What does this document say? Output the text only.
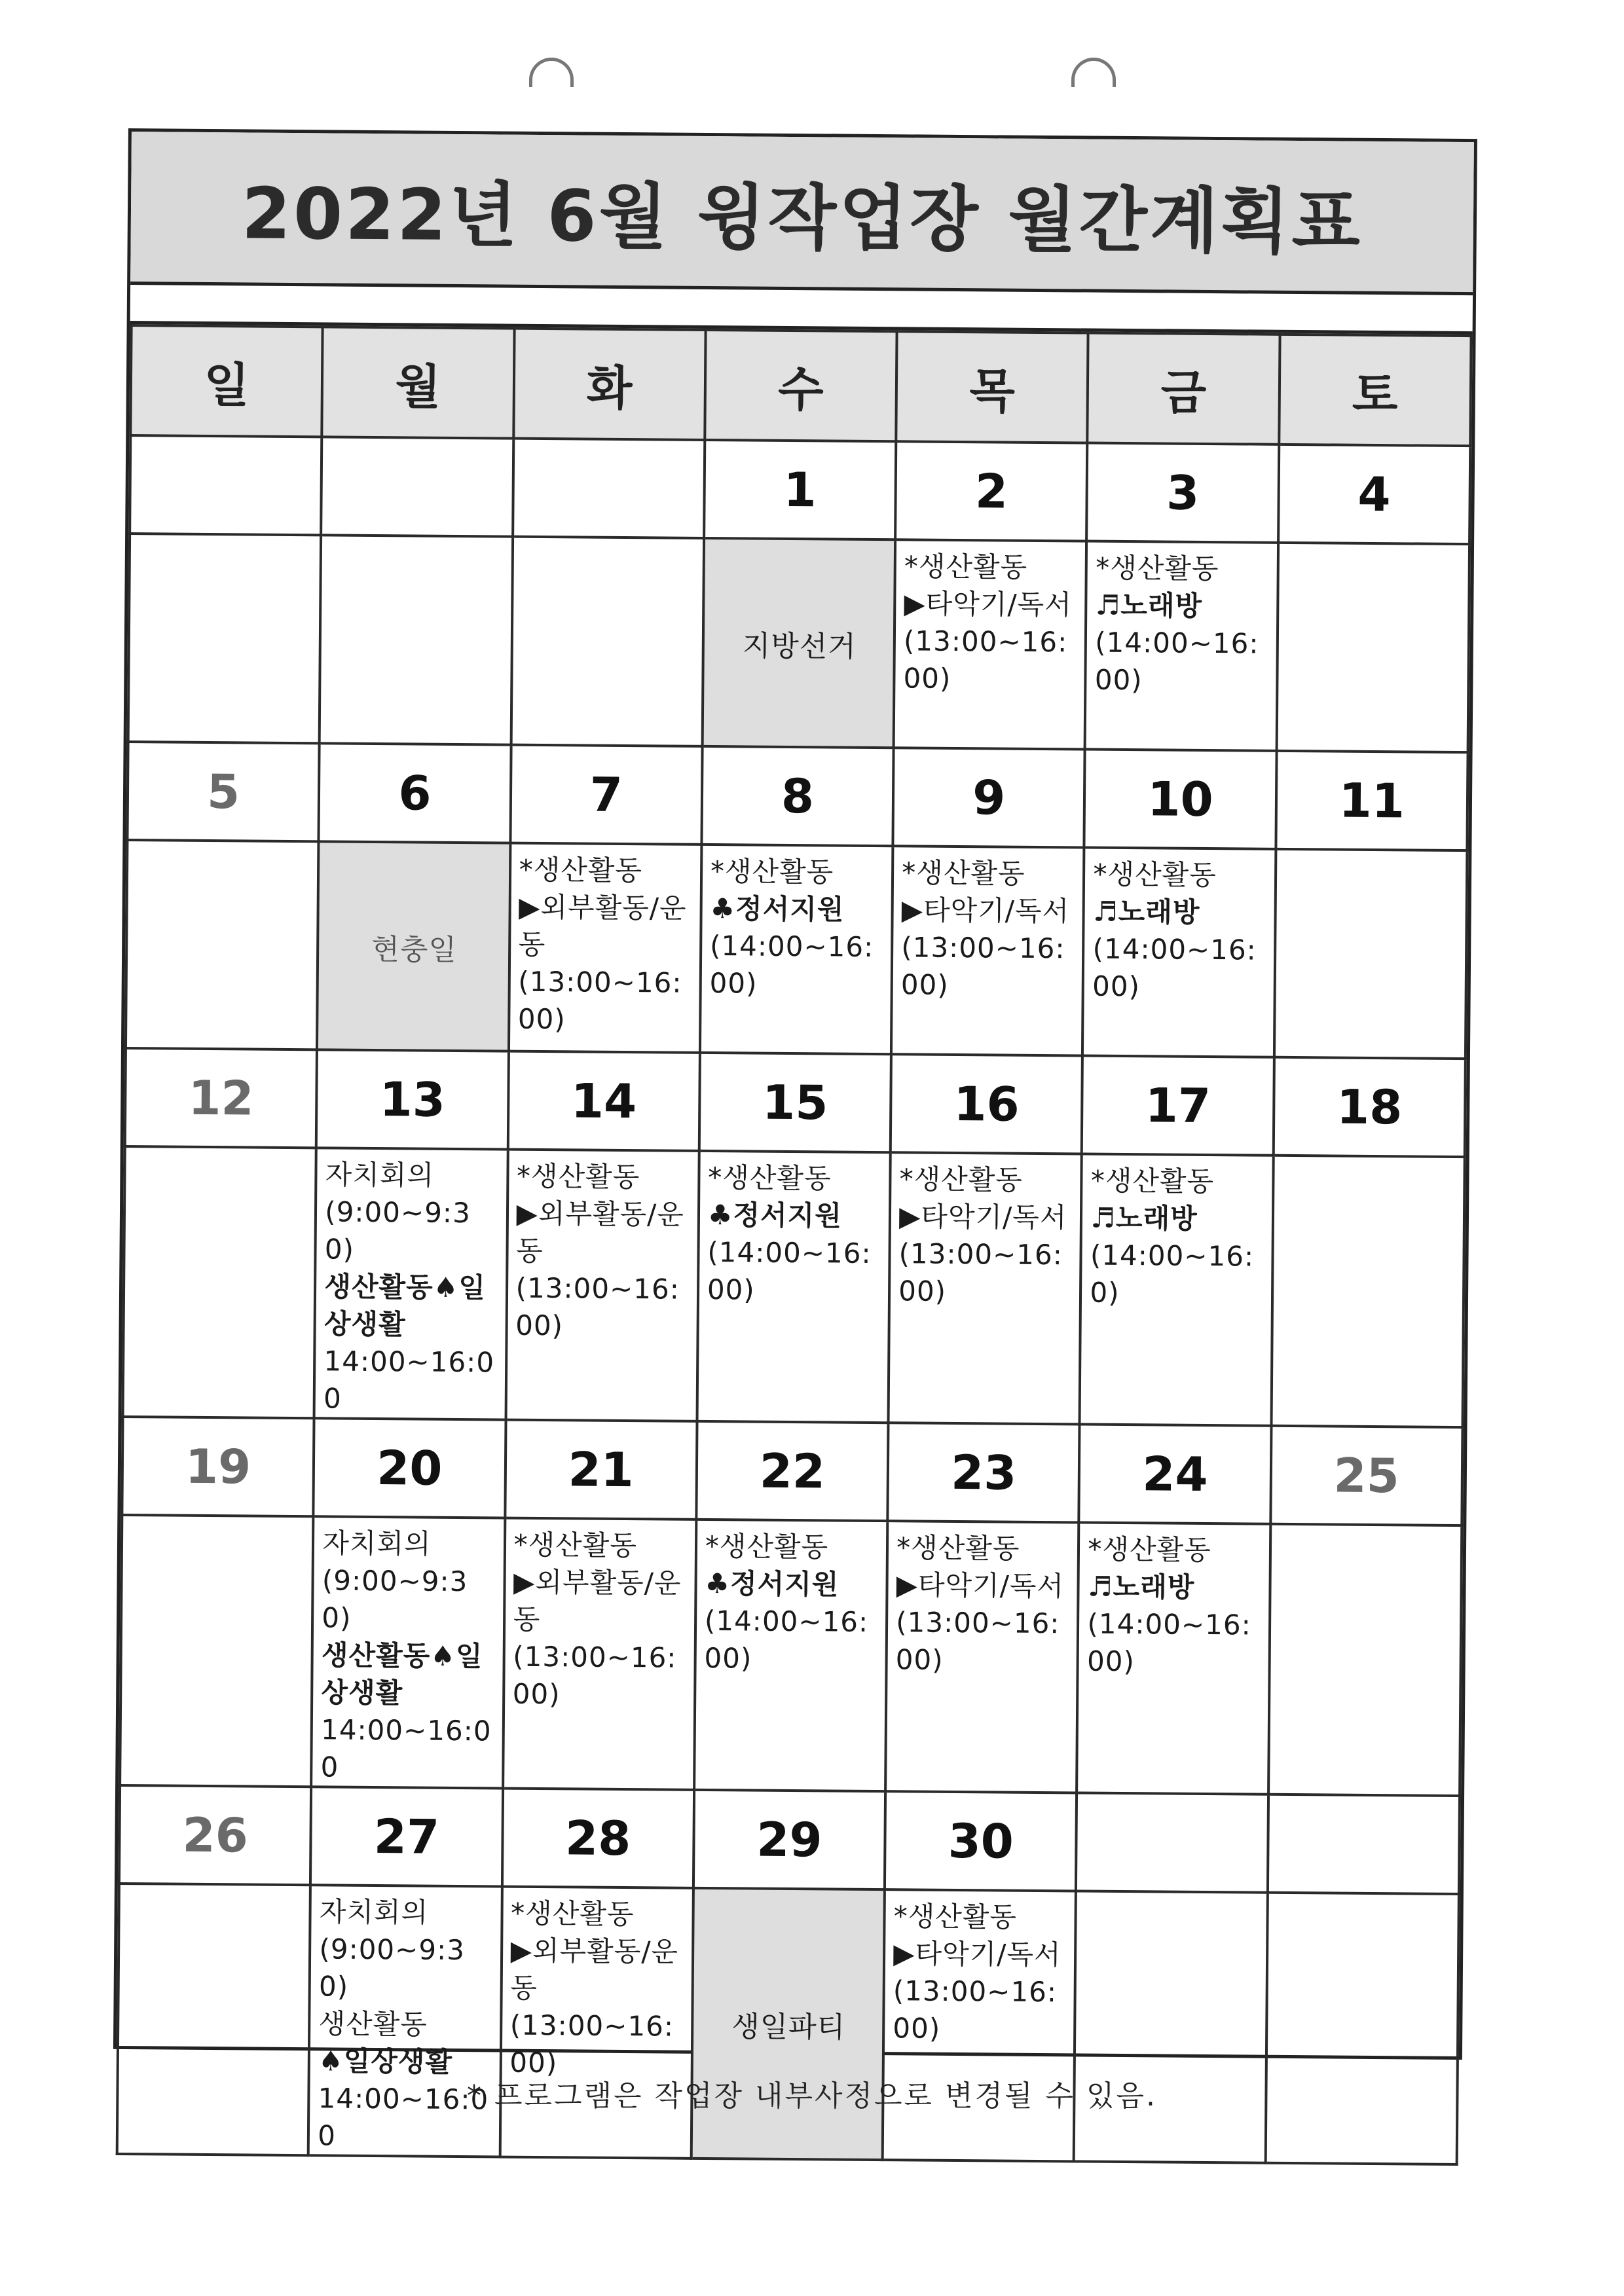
2022년 6월 윙작업장 월간계획표
일	월	화	수	목	금	토
			1	2	3	4

			지방선거	*생산활동
▶타악기/독서
(13:00~16:00)	*생산활동
♬노래방
(14:00~16:00)	

5	6	7	8	9	10	11

	현충일	*생산활동
▶외부활동/운동
(13:00~16:00)	*생산활동
♣정서지원
(14:00~16:00)	*생산활동
▶타악기/독서
(13:00~16:00)	*생산활동
♬노래방
(14:00~16:00)	

12	13	14	15	16	17	18

	자치회의
(9:00~9:30)
생산활동♠일상생활
14:00~16:00	*생산활동
▶외부활동/운동
(13:00~16:00)	*생산활동
♣정서지원
(14:00~16:00)	*생산활동
▶타악기/독서
(13:00~16:00)	*생산활동
♬노래방
(14:00~16:0)	

19	20	21	22	23	24	25

	자치회의
(9:00~9:30)
생산활동♠일상생활
14:00~16:00	*생산활동
▶외부활동/운동
(13:00~16:00)	*생산활동
♣정서지원
(14:00~16:00)	*생산활동
▶타악기/독서
(13:00~16:00)	*생산활동
♬노래방
(14:00~16:00)	

26	27	28	29	30		

	자치회의
(9:00~9:30)
생산활동
♠일상생활
14:00~16:00	*생산활동
▶외부활동/운동
(13:00~16:00)	생일파티	*생산활동
▶타악기/독서
(13:00~16:00)		

* 프로그램은 작업장 내부사정으로 변경될 수 있음.
